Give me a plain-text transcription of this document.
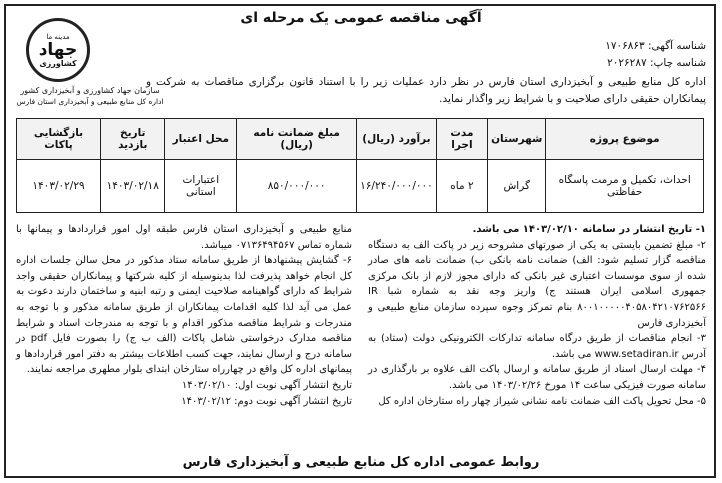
آگهی مناقصه عمومی یک مرحله ای
شناسه آگهی: ۱۷۰۶۸۶۳
شناسه چاپ: ۲۰۲۶۲۸۷
مدینه ما
جهاد
کشاورزی
سازمان جهاد کشاورزی و آبخیزداری کشور
اداره کل منابع طبیعی و آبخیزداری استان فارس
اداره کل منابع طبیعی و آبخیزداری استان فارس در نظر دارد عملیات زیر را با استناد قانون برگزاری مناقصات به شرکت و پیمانکاران حقیقی دارای صلاحیت و با شرایط زیر واگذار نماید.
موضوع پروژه	شهرستان	مدت اجرا	برآورد (ریال)	مبلغ ضمانت نامه (ریال)	محل اعتبار	تاریخ بازدید	بازگشایی پاکات
احداث، تکمیل و مرمت پاسگاه حفاظتی	گراش	۲ ماه	۱۶/۲۴۰/۰۰۰/۰۰۰	۸۵۰/۰۰۰/۰۰۰	اعتبارات استانی	۱۴۰۳/۰۲/۱۸	۱۴۰۳/۰۲/۲۹

۱- تاریخ انتشار در سامانه ۱۴۰۳/۰۲/۱۰ می باشد.

۲- مبلغ تضمین بایستی به یکی از صورتهای مشروحه زیر در پاکت الف به دستگاه مناقصه گزار تسلیم شود: الف) ضمانت نامه بانکی ب) ضمانت نامه های صادر شده از سوی موسسات اعتباری غیر بانکی که دارای مجوز لازم از بانک مرکزی جمهوری اسلامی ایران هستند ج) واریز وجه نقد به شماره شبا IR ۸۰۰۱۰۰۰۰۰۴۰۵۸۰۴۲۱۰۷۶۲۵۶۶ بنام تمرکز وجوه سپرده سازمان منابع طبیعی و آبخیزداری فارس

۳- انجام مناقصات از طریق درگاه سامانه تدارکات الکترونیکی دولت (ستاد) به آدرس www.setadiran.ir می باشد.

۴- مهلت ارسال اسناد از طریق سامانه و ارسال پاکت الف علاوه بر بارگذاری در سامانه صورت فیزیکی ساعت ۱۴ مورخ ۱۴۰۳/۰۲/۲۶ می باشد.

۵- محل تحویل پاکت الف ضمانت نامه نشانی شیراز چهار راه ستارخان اداره کل

منابع طبیعی و آبخیزداری استان فارس طبقه اول امور قراردادها و پیمانها با شماره تماس ۰۷۱۳۶۴۹۴۵۶۷ میباشد.

۶- گشایش پیشنهادها از طریق سامانه ستاد مذکور در محل سالن جلسات اداره کل انجام خواهد پذیرفت لذا بدینوسیله از کلیه شرکتها و پیمانکاران حقیقی واجد شرایط که دارای گواهینامه صلاحیت ایمنی و رتبه ابنیه و ساختمان دارند دعوت به عمل می آید لذا کلیه اقدامات پیمانکاران از طریق سامانه مذکور و با توجه به مندرجات و شرایط مناقصه مذکور اقدام و با توجه به مندرجات اسناد و شرایط مناقصه مدارک درخواستی شامل پاکات (الف ب ج) را بصورت فایل pdf در سامانه درج و ارسال نمایند، جهت کسب اطلاعات بیشتر به دفتر امور قراردادها و پیمانهای اداره کل واقع در چهارراه ستارخان ابتدای بلوار مطهری مراجعه نمایند.

تاریخ انتشار آگهی نوبت اول: ۱۴۰۳/۰۲/۱۰

تاریخ انتشار آگهی نوبت دوم: ۱۴۰۳/۰۲/۱۲

روابط عمومی اداره کل منابع طبیعی و آبخیزداری فارس
